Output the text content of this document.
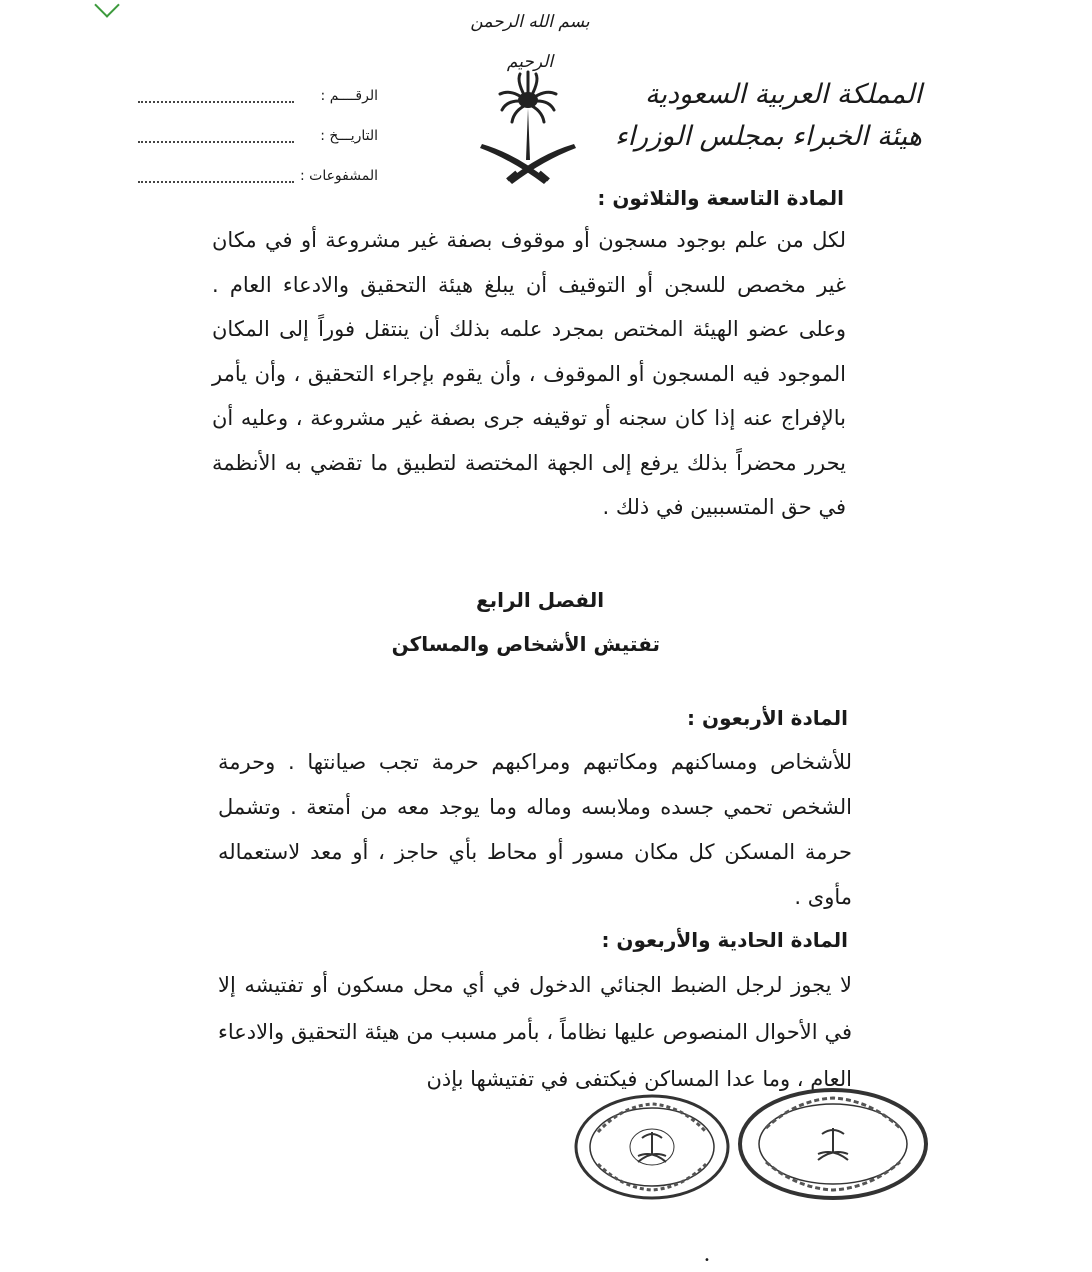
بسم الله الرحمن الرحيم
المملكة العربية السعودية
هيئة الخبراء بمجلس الوزراء
الرقــــم :
التاريـــخ :
المشفوعات :
المادة التاسعة والثلاثون :
لكل من علم بوجود مسجون أو موقوف بصفة غير مشروعة أو في مكان غير مخصص للسجن أو التوقيف أن يبلغ هيئة التحقيق والادعاء العام . وعلى عضو الهيئة المختص بمجرد علمه بذلك أن ينتقل فوراً إلى المكان الموجود فيه المسجون أو الموقوف ، وأن يقوم بإجراء التحقيق ، وأن يأمر بالإفراج عنه إذا كان سجنه أو توقيفه جرى بصفة غير مشروعة ، وعليه أن يحرر محضراً بذلك يرفع إلى الجهة المختصة لتطبيق ما تقضي به الأنظمة في حق المتسببين في ذلك .
الفصل الرابع
تفتيش الأشخاص والمساكن
المادة الأربعون :
للأشخاص ومساكنهم ومكاتبهم ومراكبهم حرمة تجب صيانتها . وحرمة الشخص تحمي جسده وملابسه وماله وما يوجد معه من أمتعة . وتشمل حرمة المسكن كل مكان مسور أو محاط بأي حاجز ، أو معد لاستعماله مأوى .
المادة الحادية والأربعون :
لا يجوز لرجل الضبط الجنائي الدخول في أي محل مسكون أو تفتيشه إلا في الأحوال المنصوص عليها نظاماً ، بأمر مسبب من هيئة التحقيق والادعاء العام ، وما عدا المساكن فيكتفى في تفتيشها بإذن
•
